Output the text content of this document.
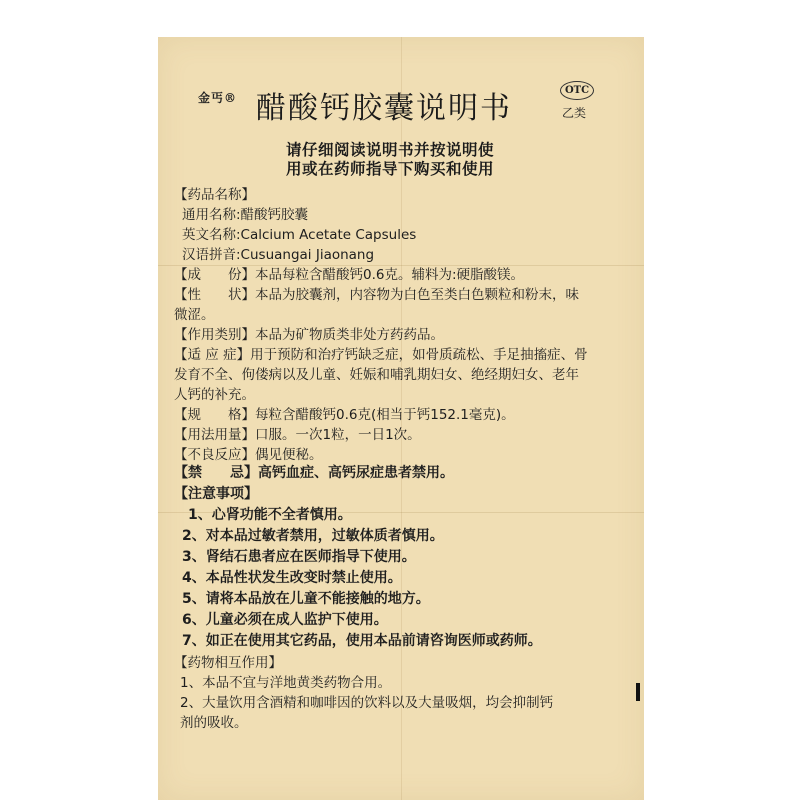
金丐® 醋酸钙胶囊说明书
OTC
乙类
请仔细阅读说明书并按说明使
用或在药师指导下购买和使用
【药品名称】
通用名称:醋酸钙胶囊
英文名称:Calcium Acetate Capsules
汉语拼音:Cusuangai Jiaonang
【成　　份】本品每粒含醋酸钙0.6克。辅料为:硬脂酸镁。
【性　　状】本品为胶囊剂，内容物为白色至类白色颗粒和粉末，味
微涩。
【作用类别】本品为矿物质类非处方药药品。
【适 应 症】用于预防和治疗钙缺乏症，如骨质疏松、手足抽搐症、骨
发育不全、佝偻病以及儿童、妊娠和哺乳期妇女、绝经期妇女、老年
人钙的补充。
【规　　格】每粒含醋酸钙0.6克(相当于钙152.1毫克)。
【用法用量】口服。一次1粒，一日1次。
【不良反应】偶见便秘。
【禁　　忌】高钙血症、高钙尿症患者禁用。
【注意事项】
1、心肾功能不全者慎用。
2、对本品过敏者禁用，过敏体质者慎用。
3、肾结石患者应在医师指导下使用。
4、本品性状发生改变时禁止使用。
5、请将本品放在儿童不能接触的地方。
6、儿童必须在成人监护下使用。
7、如正在使用其它药品，使用本品前请咨询医师或药师。
【药物相互作用】
1、本品不宜与洋地黄类药物合用。
2、大量饮用含酒精和咖啡因的饮料以及大量吸烟，均会抑制钙
剂的吸收。
